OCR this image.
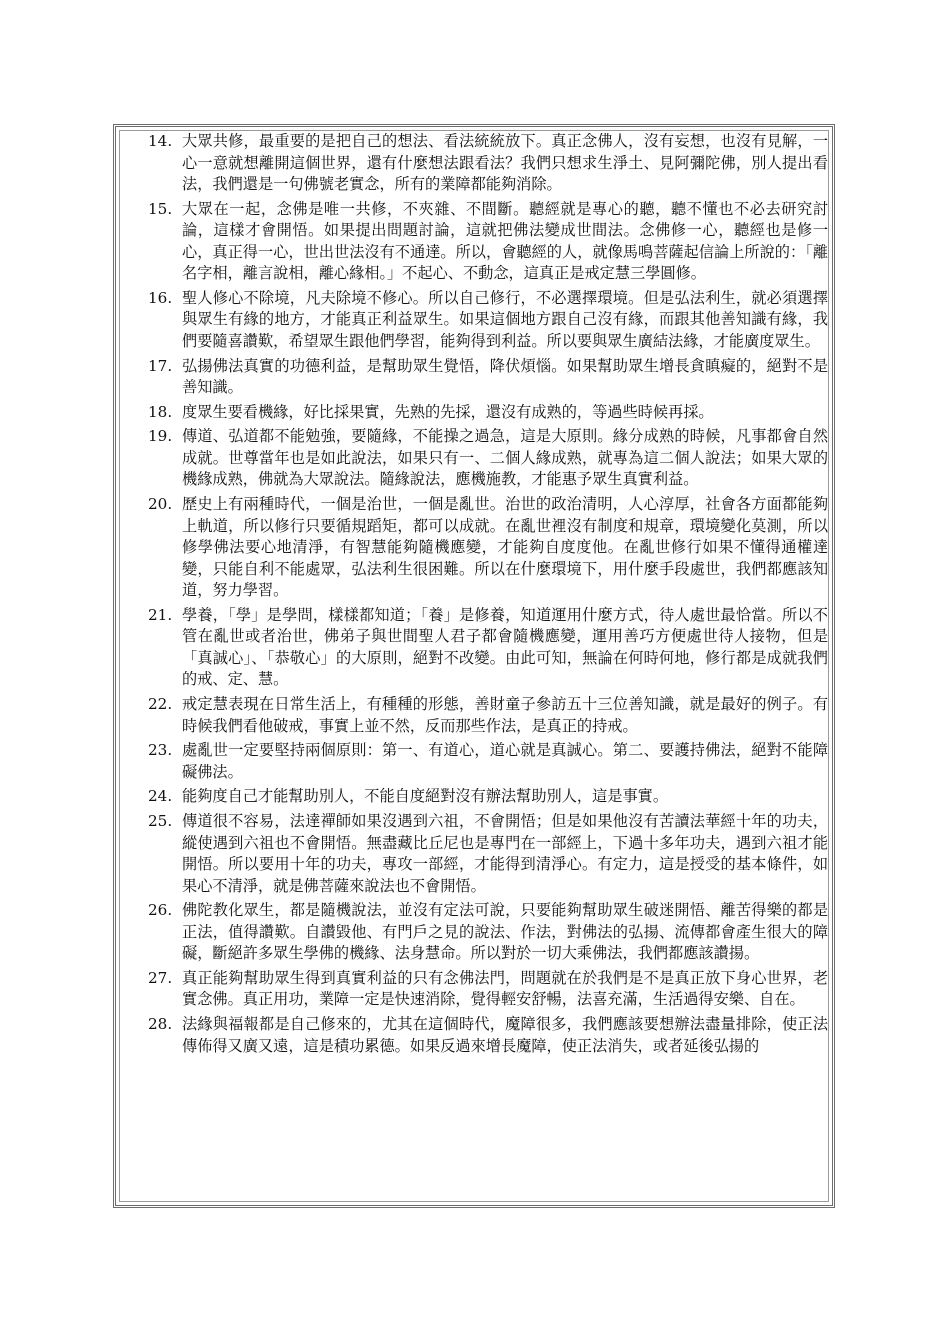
14. 大眾共修，最重要的是把自己的想法、看法統統放下。真正念佛人，沒有妄想，也沒有見解，一心一意就想離開這個世界，還有什麼想法跟看法？我們只想求生淨土、見阿彌陀佛，別人提出看法，我們還是一句佛號老實念，所有的業障都能夠消除。
15. 大眾在一起，念佛是唯一共修，不夾雜、不間斷。聽經就是專心的聽，聽不懂也不必去研究討論，這樣才會開悟。如果提出問題討論，這就把佛法變成世間法。念佛修一心，聽經也是修一心，真正得一心，世出世法沒有不通達。所以，會聽經的人，就像馬鳴菩薩起信論上所說的：「離名字相，離言說相，離心緣相。」不起心、不動念，這真正是戒定慧三學圓修。
16. 聖人修心不除境，凡夫除境不修心。所以自己修行，不必選擇環境。但是弘法利生，就必須選擇與眾生有緣的地方，才能真正利益眾生。如果這個地方跟自己沒有緣，而跟其他善知識有緣，我們要隨喜讚歎，希望眾生跟他們學習，能夠得到利益。所以要與眾生廣結法緣，才能廣度眾生。
17. 弘揚佛法真實的功德利益，是幫助眾生覺悟，降伏煩惱。如果幫助眾生增長貪瞋癡的，絕對不是善知識。
18. 度眾生要看機緣，好比採果實，先熟的先採，還沒有成熟的，等過些時候再採。
19. 傳道、弘道都不能勉強，要隨緣，不能操之過急，這是大原則。緣分成熟的時候，凡事都會自然成就。世尊當年也是如此說法，如果只有一、二個人緣成熟，就專為這二個人說法；如果大眾的機緣成熟，佛就為大眾說法。隨緣說法，應機施教，才能惠予眾生真實利益。
20. 歷史上有兩種時代，一個是治世，一個是亂世。治世的政治清明，人心淳厚，社會各方面都能夠上軌道，所以修行只要循規蹈矩，都可以成就。在亂世裡沒有制度和規章，環境變化莫測，所以修學佛法要心地清淨，有智慧能夠隨機應變，才能夠自度度他。在亂世修行如果不懂得通權達變，只能自利不能處眾，弘法利生很困難。所以在什麼環境下，用什麼手段處世，我們都應該知道，努力學習。
21. 學養，「學」是學問，樣樣都知道；「養」是修養，知道運用什麼方式，待人處世最恰當。所以不管在亂世或者治世，佛弟子與世間聖人君子都會隨機應變，運用善巧方便處世待人接物，但是「真誠心」、「恭敬心」的大原則，絕對不改變。由此可知，無論在何時何地，修行都是成就我們的戒、定、慧。
22. 戒定慧表現在日常生活上，有種種的形態，善財童子參訪五十三位善知識，就是最好的例子。有時候我們看他破戒，事實上並不然，反而那些作法，是真正的持戒。
23. 處亂世一定要堅持兩個原則：第一、有道心，道心就是真誠心。第二、要護持佛法，絕對不能障礙佛法。
24. 能夠度自己才能幫助別人，不能自度絕對沒有辦法幫助別人，這是事實。
25. 傳道很不容易，法達禪師如果沒遇到六祖，不會開悟；但是如果他沒有苦讀法華經十年的功夫，縱使遇到六祖也不會開悟。無盡藏比丘尼也是專門在一部經上，下過十多年功夫，遇到六祖才能開悟。所以要用十年的功夫，專攻一部經，才能得到清淨心。有定力，這是授受的基本條件，如果心不清淨，就是佛菩薩來說法也不會開悟。
26. 佛陀教化眾生，都是隨機說法，並沒有定法可說，只要能夠幫助眾生破迷開悟、離苦得樂的都是正法，值得讚歎。自讚毀他、有門戶之見的說法、作法，對佛法的弘揚、流傳都會產生很大的障礙，斷絕許多眾生學佛的機緣、法身慧命。所以對於一切大乘佛法，我們都應該讚揚。
27. 真正能夠幫助眾生得到真實利益的只有念佛法門，問題就在於我們是不是真正放下身心世界，老實念佛。真正用功，業障一定是快速消除，覺得輕安舒暢，法喜充滿，生活過得安樂、自在。
28. 法緣與福報都是自己修來的，尤其在這個時代，魔障很多，我們應該要想辦法盡量排除，使正法傳佈得又廣又遠，這是積功累德。如果反過來增長魔障，使正法消失，或者延後弘揚的
